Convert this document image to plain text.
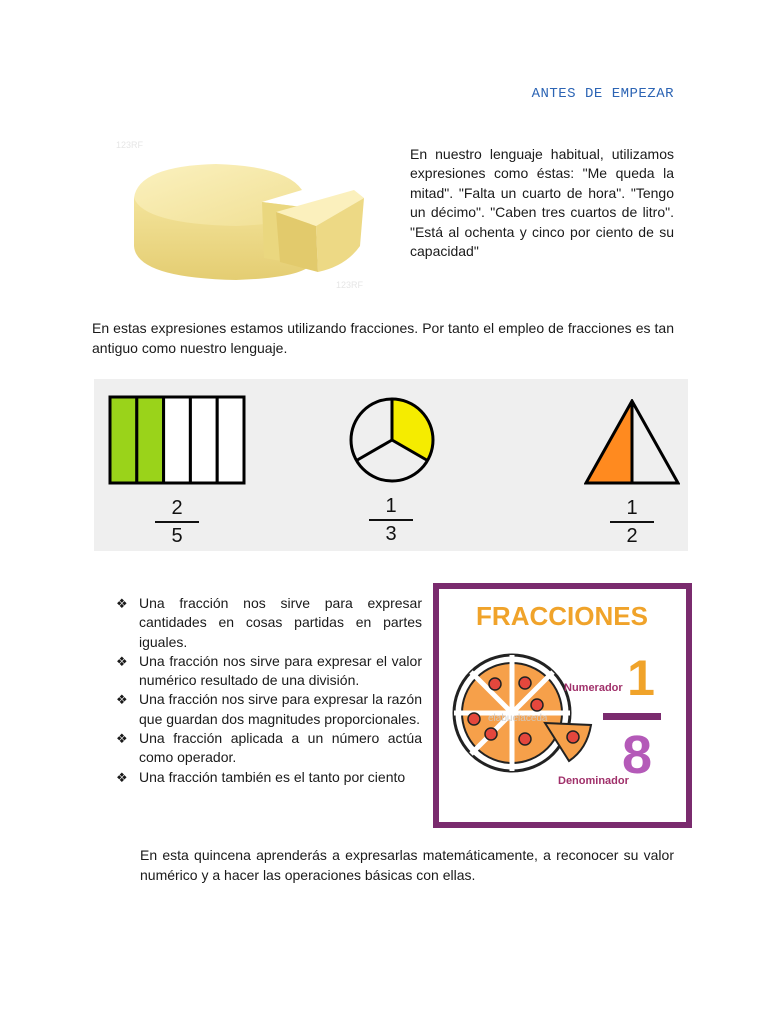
ANTES DE EMPEZAR
123RF
123RF
En nuestro lenguaje habitual, utilizamos expresiones como éstas: "Me queda la mitad". "Falta un cuarto de hora". "Tengo un décimo". "Caben tres cuartos de litro". "Está al ochenta y cinco por ciento de su capacidad"
En estas expresiones estamos utilizando fracciones. Por tanto el empleo de fracciones es tan antiguo como nuestro lenguaje.
2
5
1
3
1
2
❖ Una fracción nos sirve para expresar cantidades en cosas partidas en partes iguales.
❖ Una fracción nos sirve para expresar el valor numérico resultado de una división.
❖ Una fracción nos sirve para expresar la razón que guardan dos magnitudes proporcionales.
❖ Una fracción aplicada a un número actúa como operador.
❖ Una fracción también es el tanto por ciento
FRACCIONES
elabuelaceda
Numerador 1
8
Denominador
En esta quincena aprenderás a expresarlas matemáticamente, a reconocer su valor numérico y a hacer las operaciones básicas con ellas.
